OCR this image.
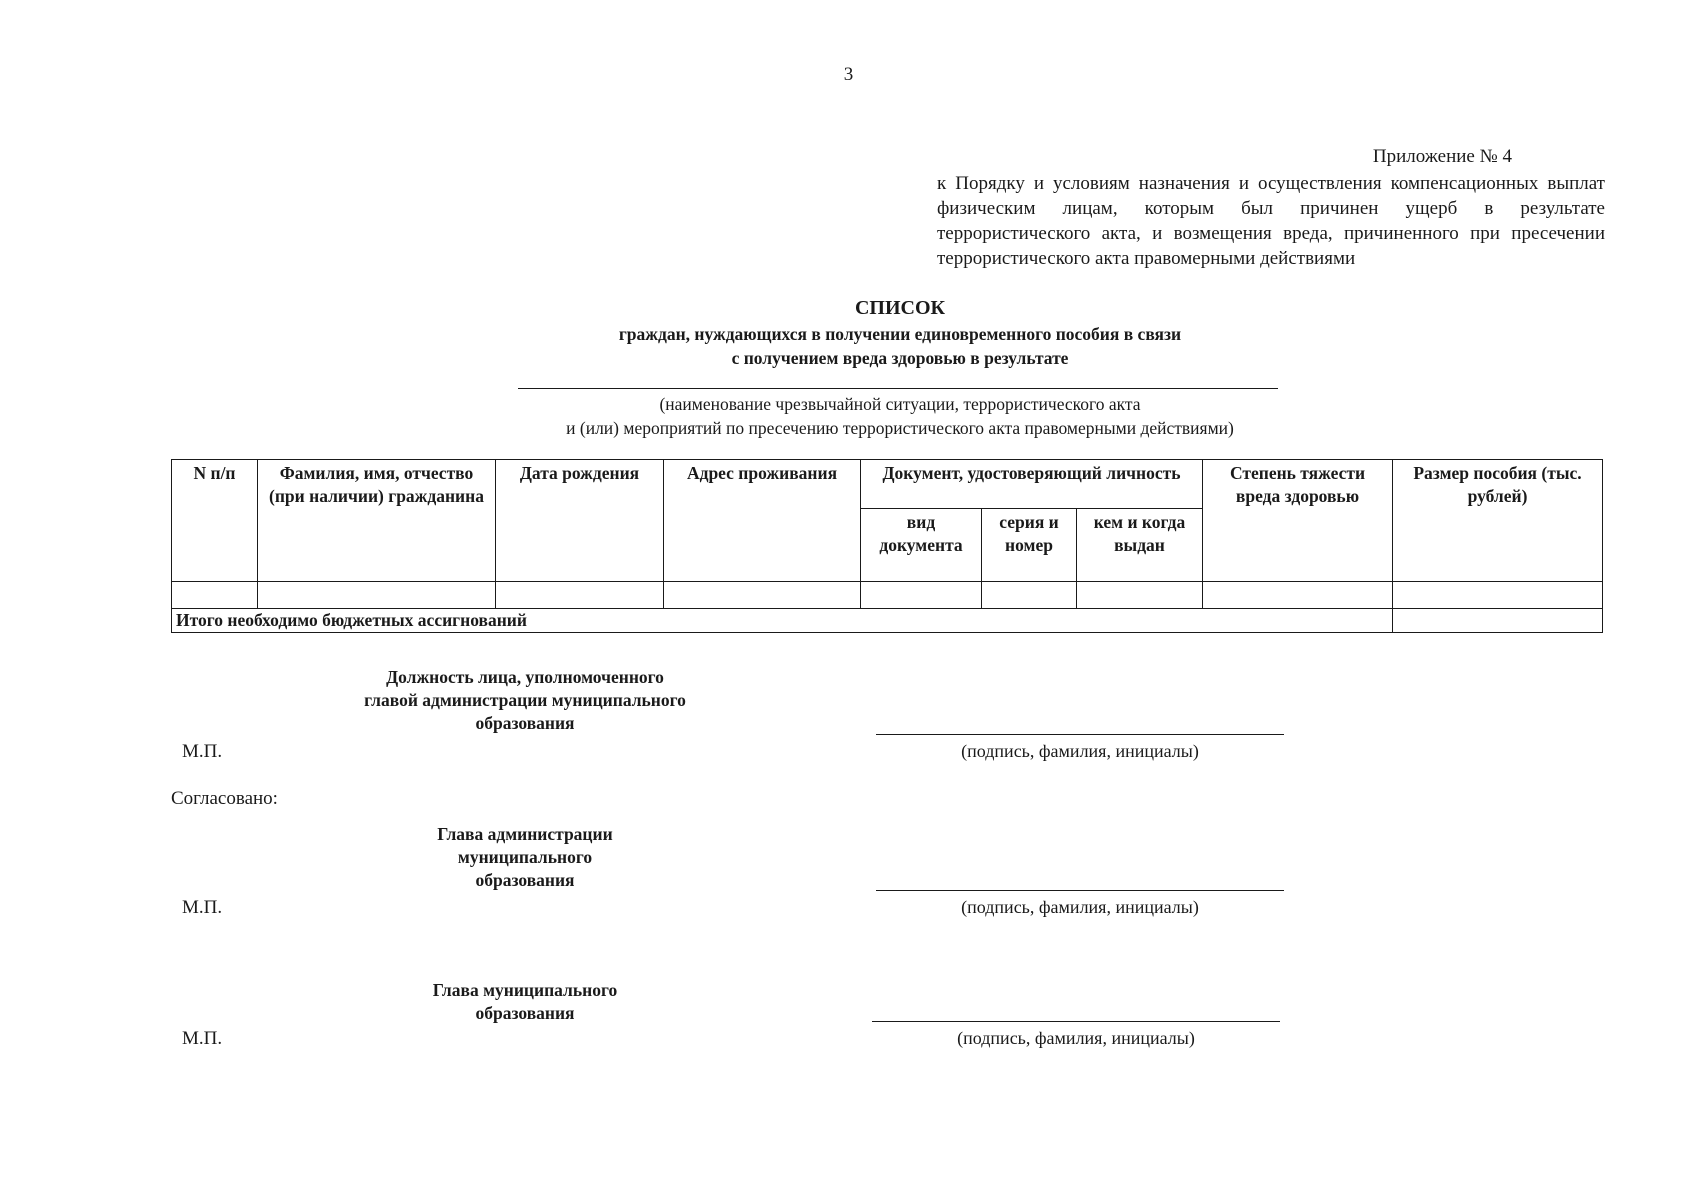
3
Приложение № 4
к Порядку и условиям назначения и осуществления компенсационных выплат физическим лицам, которым был причинен ущерб в результате террористического акта, и возмещения вреда, причиненного при пресечении террористического акта правомерными действиями
СПИСОК
граждан, нуждающихся в получении единовременного пособия в связи
с получением вреда здоровью в результате
(наименование чрезвычайной ситуации, террористического акта
и (или) мероприятий по пресечению террористического акта правомерными действиями)
N п/п	Фамилия, имя, отчество (при наличии) гражданина	Дата рождения	Адрес проживания	Документ, удостоверяющий личность			Степень тяжести вреда здоровью	Размер пособия (тыс. рублей)
				вид документа	серия и номер	кем и когда выдан		

Итого необходимо бюджетных ассигнований								
Должность лица, уполномоченного
главой администрации муниципального
образования
М.П.	(подпись, фамилия, инициалы)
Согласовано:
Глава администрации
муниципального
образования
М.П.	(подпись, фамилия, инициалы)
Глава муниципального
образования
М.П.	(подпись, фамилия, инициалы)
